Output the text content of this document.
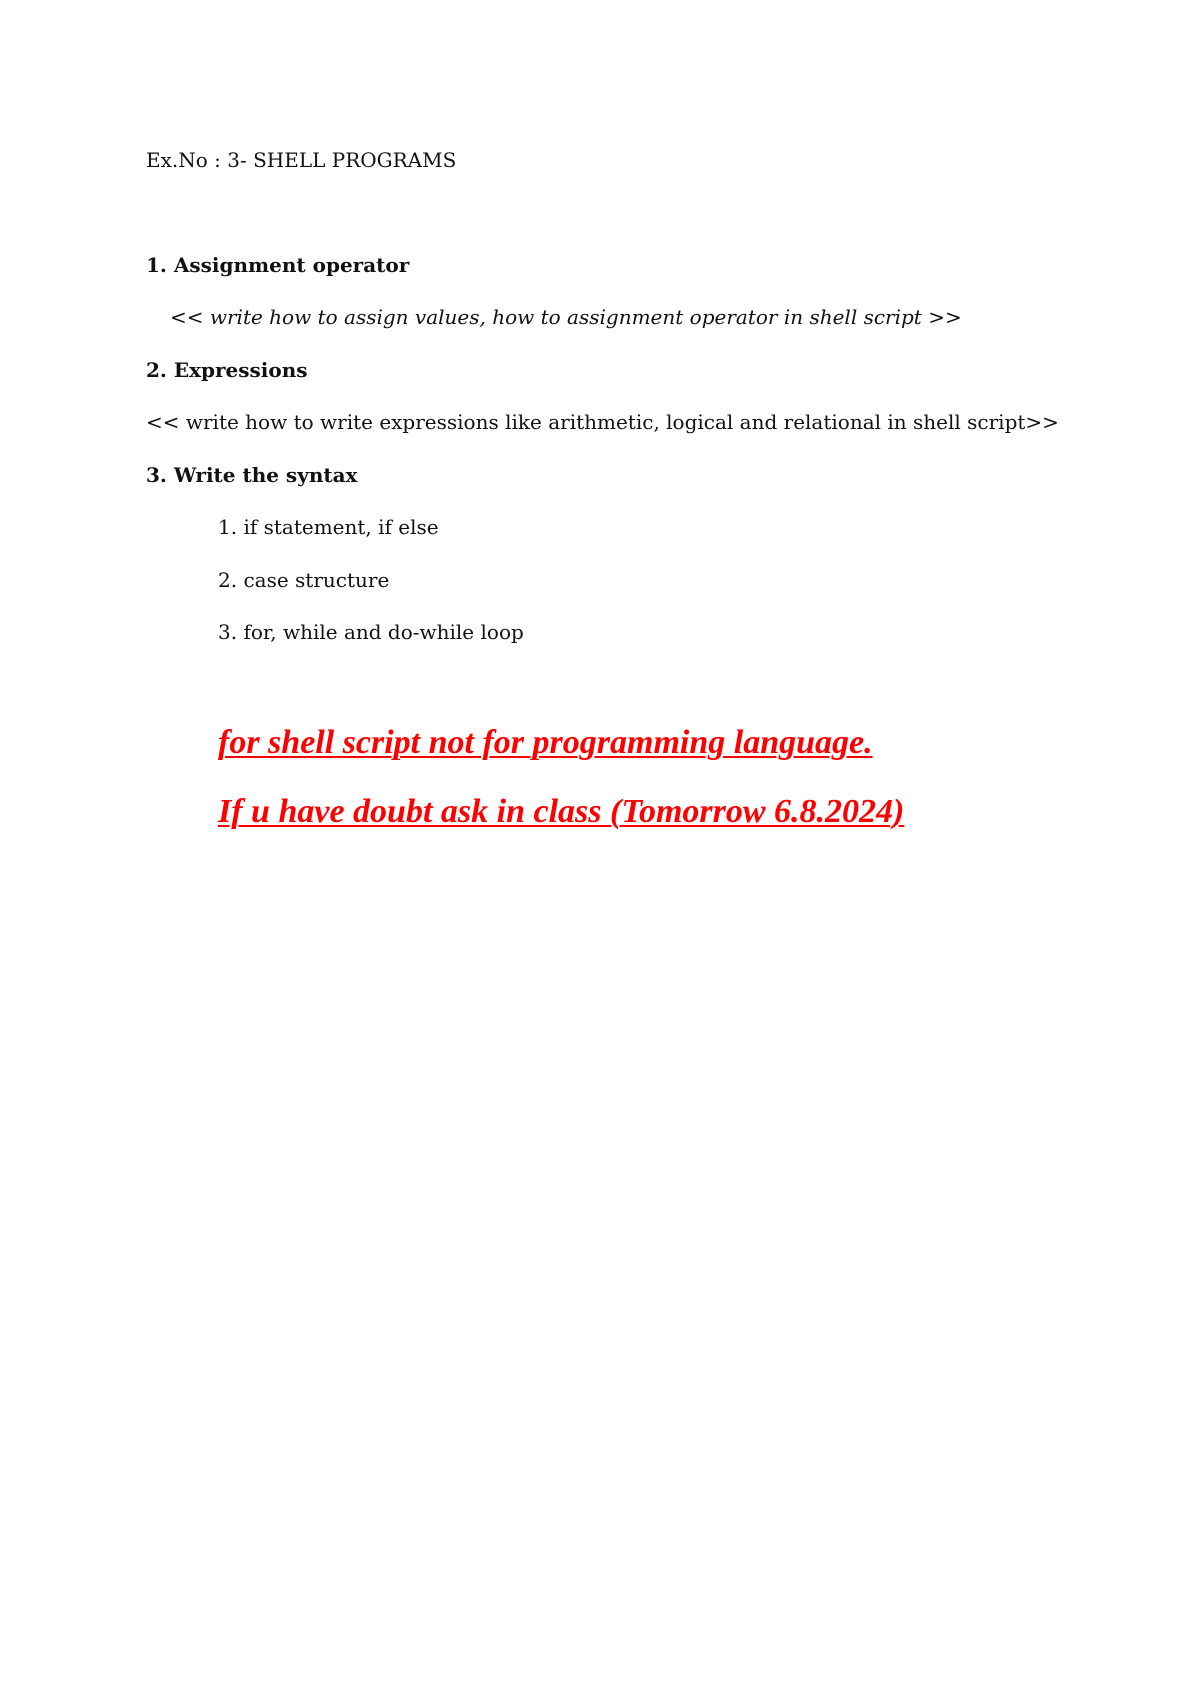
Ex.No : 3- SHELL PROGRAMS
1. Assignment operator
<< write how to assign values, how to assignment operator in shell script >>
2. Expressions
<< write how to write expressions like arithmetic, logical and relational in shell script>>
3. Write the syntax
1. if statement, if else
2. case structure
3. for, while and do-while loop
for shell script not for programming language.
If u have doubt ask in class (Tomorrow 6.8.2024)
